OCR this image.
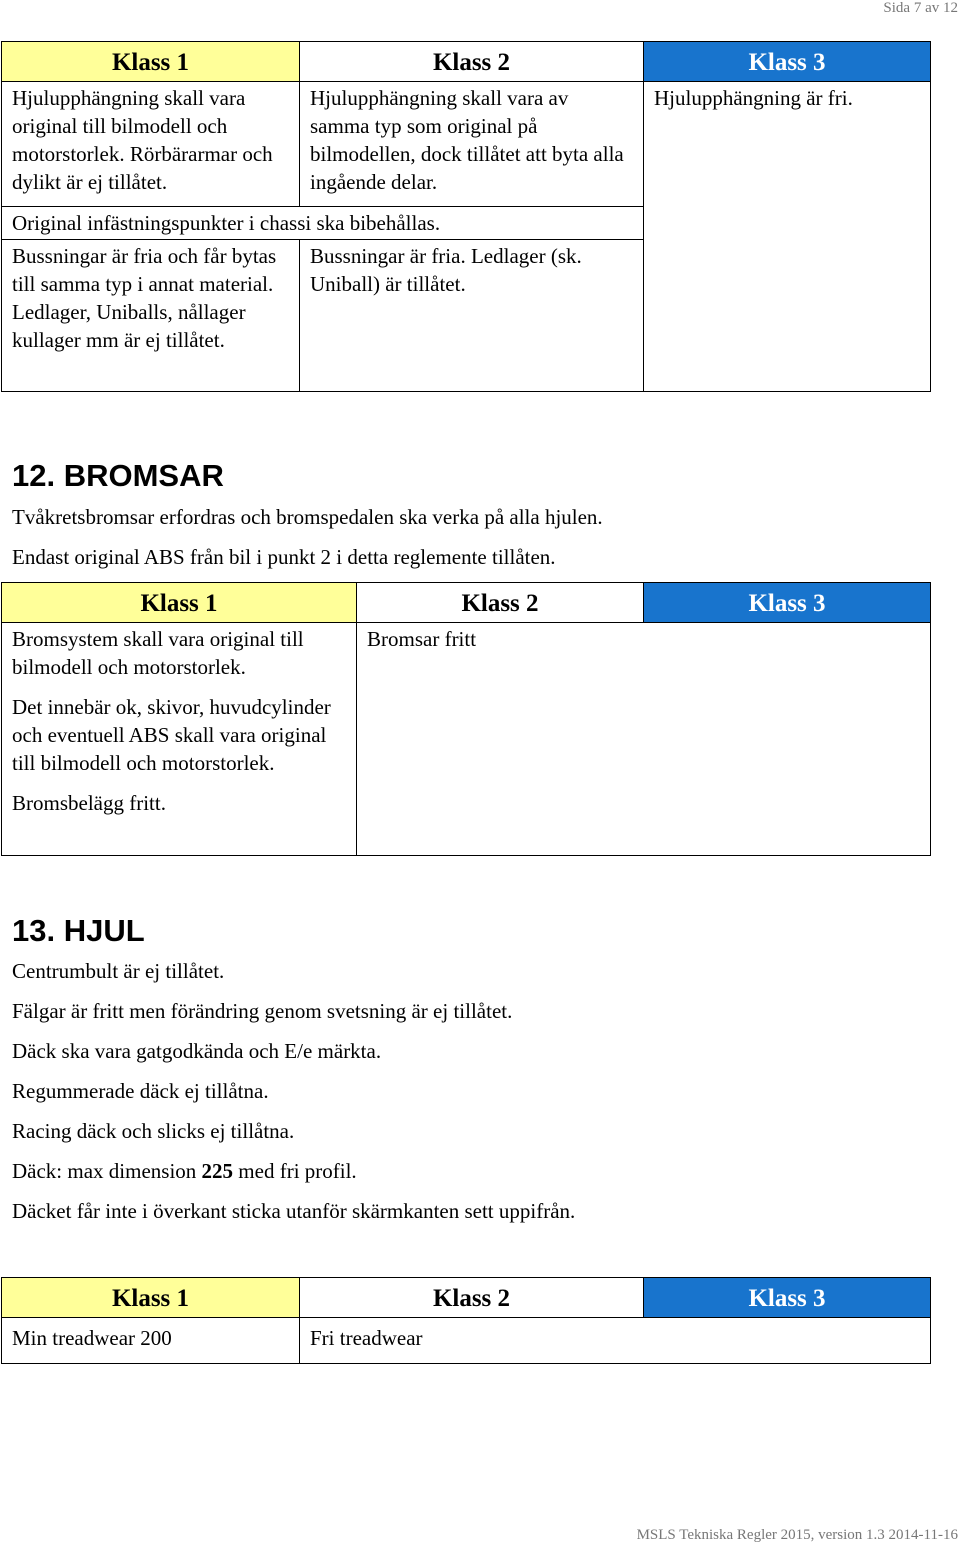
Sida 7 av 12
Klass 1	Klass 2	Klass 3
Hjulupphängning skall vara original till bilmodell och motorstorlek. Rörbärarmar och dylikt är ej tillåtet.	Hjulupphängning skall vara av samma typ som original på bilmodellen, dock tillåtet att byta alla ingående delar.	Hjulupphängning är fri.
Original infästningspunkter i chassi ska bibehållas.		
Bussningar är fria och får bytas till samma typ i annat material. Ledlager, Uniballs, nållager kullager mm är ej tillåtet.	Bussningar är fria. Ledlager (sk. Uniball) är tillåtet.	
12. BROMSAR
Tvåkretsbromsar erfordras och bromspedalen ska verka på alla hjulen.
Endast original ABS från bil i punkt 2 i detta reglemente tillåten.
Klass 1	Klass 2	Klass 3

Bromsystem skall vara original till bilmodell och motorstorlek.

Det innebär ok, skivor, huvudcylinder och eventuell ABS skall vara original till bilmodell och motorstorlek.

Bromsbelägg fritt.	Bromsar fritt	
13. HJUL
Centrumbult är ej tillåtet.
Fälgar är fritt men förändring genom svetsning är ej tillåtet.
Däck ska vara gatgodkända och E/e märkta.
Regummerade däck ej tillåtna.
Racing däck och slicks ej tillåtna.
Däck: max dimension 225 med fri profil.
Däcket får inte i överkant sticka utanför skärmkanten sett uppifrån.
Klass 1	Klass 2	Klass 3
Min treadwear 200	Fri treadwear	
MSLS Tekniska Regler 2015, version 1.3 2014-11-16
